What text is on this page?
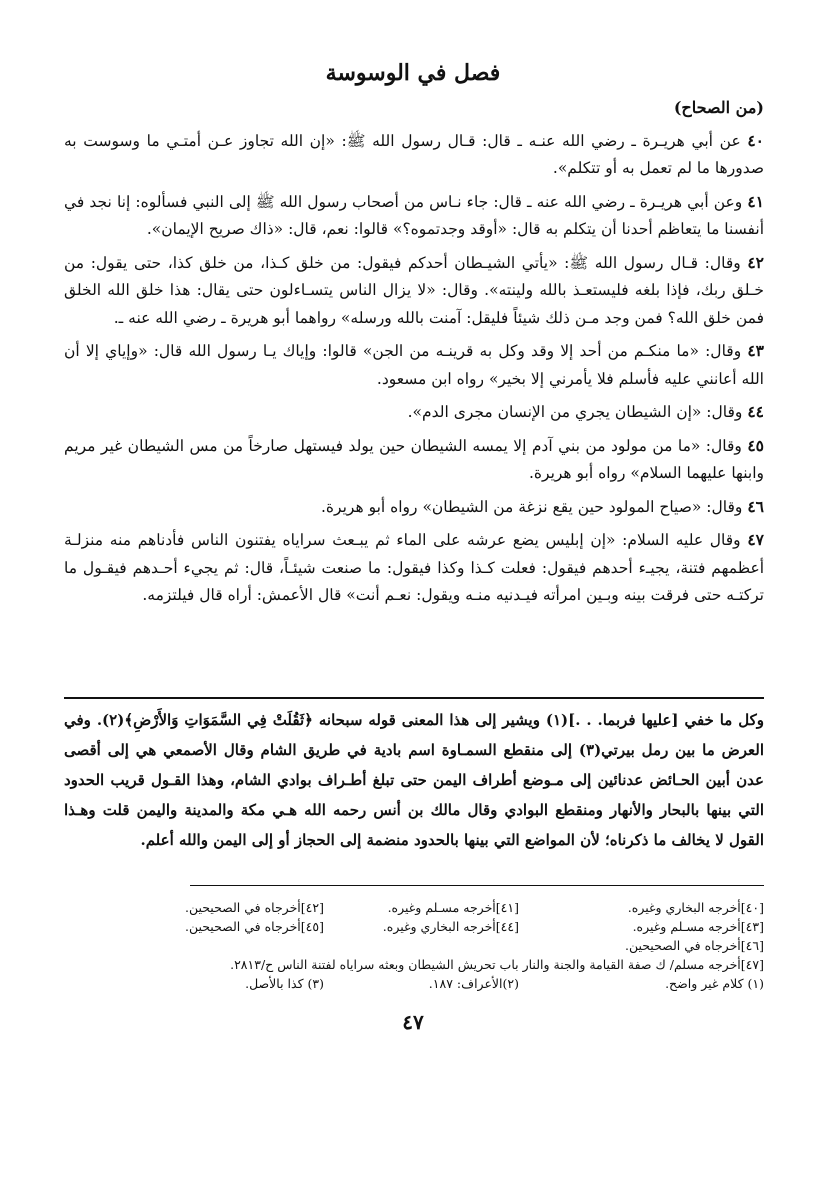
فصل في الوسوسة

(من الصحاح)

٤٠ عن أبي هريـرة ـ رضي الله عنـه ـ قال: قـال رسول الله ﷺ: «إن الله تجاوز عـن أمتـي ما وسوست به صدورها ما لم تعمل به أو تتكلم».

٤١ وعن أبي هريـرة ـ رضي الله عنه ـ قال: جاء نـاس من أصحاب رسول الله ﷺ إلى النبي فسألوه: إنا نجد في أنفسنا ما يتعاظم أحدنا أن يتكلم به قال: «أوقد وجدتموه؟» قالوا: نعم، قال: «ذاك صريح الإيمان».

٤٢ وقال: قـال رسول الله ﷺ: «يأتي الشيـطان أحدكم فيقول: من خلق كـذا، من خلق كذا، حتى يقول: من خـلق ربك، فإذا بلغه فليستعـذ بالله ولينته». وقال: «لا يزال الناس يتسـاءلون حتى يقال: هذا خلق الله الخلق فمن خلق الله؟ فمن وجد مـن ذلك شيئاً فليقل: آمنت بالله ورسله» رواهما أبو هريرة ـ رضي الله عنه ـ.

٤٣ وقال: «ما منكـم من أحد إلا وقد وكل به قرينـه من الجن» قالوا: وإياك يـا رسول الله قال: «وإياي إلا أن الله أعانني عليه فأسلم فلا يأمرني إلا بخير» رواه ابن مسعود.

٤٤ وقال: «إن الشيطان يجري من الإنسان مجرى الدم».

٤٥ وقال: «ما من مولود من بني آدم إلا يمسه الشيطان حين يولد فيستهل صارخاً من مس الشيطان غير مريم وابنها عليهما السلام» رواه أبو هريرة.

٤٦ وقال: «صياح المولود حين يقع نزغة من الشيطان» رواه أبو هريرة.

٤٧ وقال عليه السلام: «إن إبليس يضع عرشه على الماء ثم يبـعث سراياه يفتنون الناس فأدناهم منه منزلـة أعظمهم فتنة، يجيـء أحدهم فيقول: فعلت كـذا وكذا فيقول: ما صنعت شيئـاً، قال: ثم يجيء أحـدهم فيقـول ما تركتـه حتى فرقت بينه وبـين امرأته فيـدنيه منـه ويقول: نعـم أنت» قال الأعمش: أراه قال فيلتزمه.

وكل ما خفي [عليها فربما. . .](١) ويشير إلى هذا المعنى قوله سبحانه ﴿ثَقُلَتْ فِي السَّمَوَاتِ وَالأَرْضِ﴾(٢). وفي العرض ما بين رمل بيرتي(٣) إلى منقطع السمـاوة اسم بادية في طريق الشام وقال الأصمعي هي إلى أقصى عدن أبين الحـائض عدنائين إلى مـوضع أطراف اليمن حتى تبلغ أطـراف بوادي الشام، وهذا القـول قريب الحدود التي بينها بالبحار والأنهار ومنقطع البوادي وقال مالك بن أنس رحمه الله هـي مكة والمدينة واليمن قلت وهـذا القول لا يخالف ما ذكرناه؛ لأن المواضع التي بينها بالحدود منضمة إلى الحجاز أو إلى اليمن والله أعلم.
[٤٠]أخرجه البخاري وغيره.
[٤١]أخرجه مسـلم وغيره.
[٤٢]أخرجاه في الصحيحين.
[٤٣]أخرجه مسـلم وغيره.
[٤٤]أخرجه البخاري وغيره.
[٤٥]أخرجاه في الصحيحين.
[٤٦]أخرجاه في الصحيحين.
[٤٧]أخرجه مسلم/ ك صفة القيامة والجنة والنار باب تحريش الشيطان وبعثه سراياه لفتنة الناس ح/٢٨١٣.
(١) كلام غير واضح.
(٢)الأعراف: ١٨٧.
(٣) كذا بالأصل.
٤٧
